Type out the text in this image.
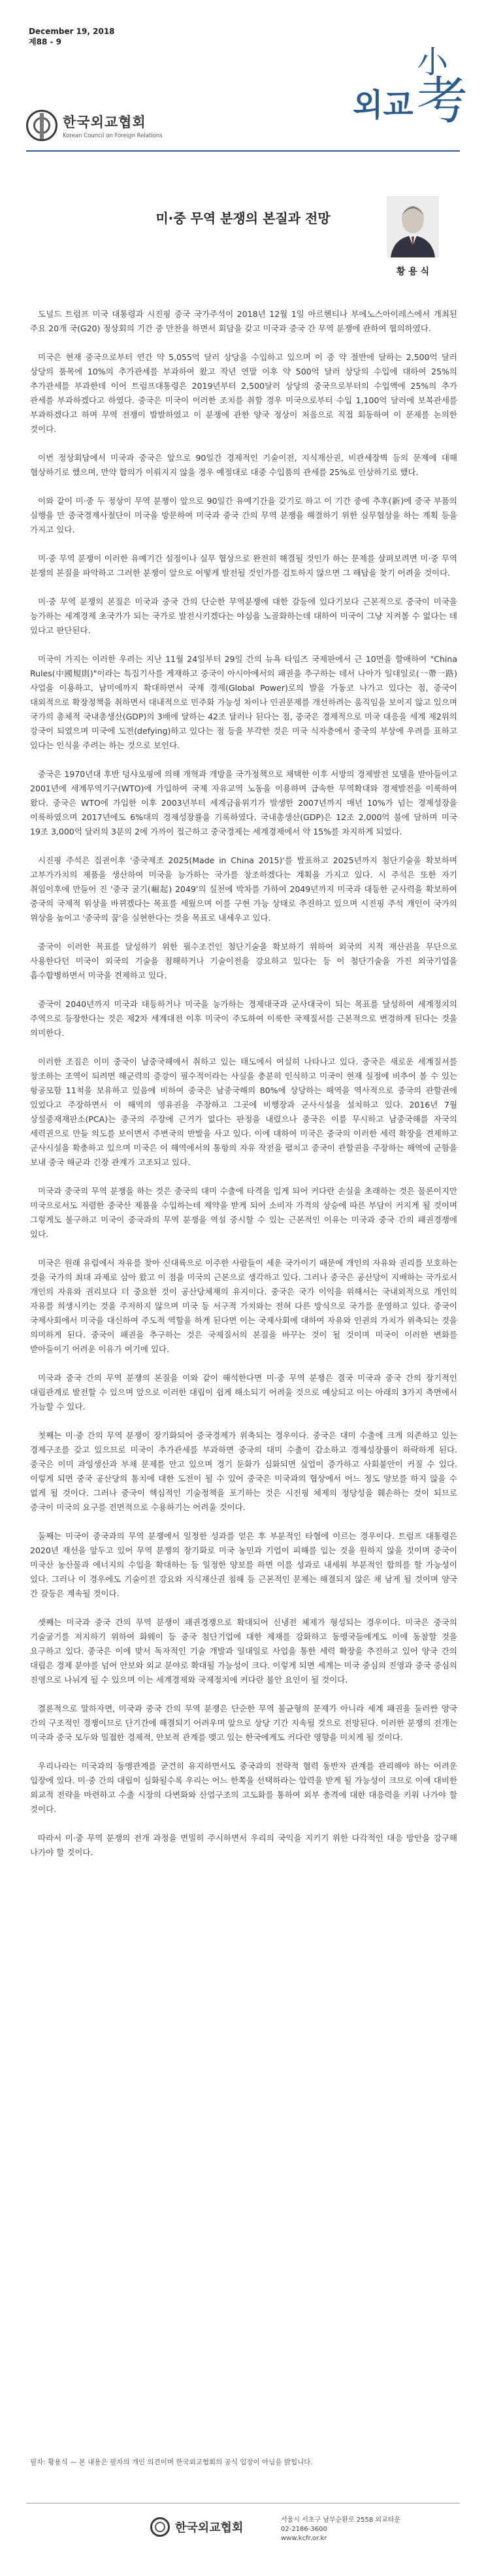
December 19, 2018
제88 - 9
한국외교협회
Korean Council on Foreign Relations
小
외교 考
미·중 무역 분쟁의 본질과 전망
황 용 식

도널드 트럼프 미국 대통령과 시진핑 중국 국가주석이 2018년 12월 1일 아르헨티나 부에노스아이레스에서 개최된 주요 20개 국(G20) 정상회의 기간 중 만찬을 하면서 회담을 갖고 미국과 중국 간 무역 분쟁에 관하여 협의하였다.

미국은 현재 중국으로부터 연간 약 5,055억 달러 상당을 수입하고 있으며 이 중 약 절반에 달하는 2,500억 달러 상당의 품목에 10%의 추가관세를 부과하여 왔고 작년 연말 이후 약 500억 달러 상당의 수입에 대하여 25%의 추가관세를 부과한데 이어 트럼프대통령은 2019년부터 2,500달러 상당의 중국으로부터의 수입액에 25%의 추가 관세를 부과하겠다고 하였다. 중국은 미국이 이러한 조치를 취할 경우 미국으로부터 수입 1,100억 달러에 보복관세를 부과하겠다고 하며 무역 전쟁이 발발하였고 이 분쟁에 관한 양국 정상이 처음으로 직접 회동하여 이 문제를 논의한 것이다.

이번 정상회담에서 미국과 중국은 앞으로 90일간 경제적인 기술이전, 지식재산권, 비관세장벽 등의 문제에 대해 협상하기로 했으며, 만약 합의가 이뤄지지 않을 경우 예정대로 대중 수입품의 관세를 25%로 인상하기로 했다.

이와 같이 미·중 두 정상이 무역 분쟁이 앞으로 90일간 유예기간을 갖기로 하고 이 기간 중에 추후(新)에 중국 부품의 실행을 만 중국경제사절단이 미국을 방문하여 미국과 중국 간의 무역 분쟁을 해결하기 위한 실무협상을 하는 계획 등을 가지고 있다.

미·중 무역 분쟁이 이러한 유예기간 설정이나 실무 협상으로 완전히 해결될 것인가 하는 문제를 살펴보려면 미·중 무역 분쟁의 본질을 파악하고 그러한 분쟁이 앞으로 어떻게 발전될 것인가를 검토하지 않으면 그 해답을 찾기 어려울 것이다.

미·중 무역 분쟁의 본질은 미국과 중국 간의 단순한 무역분쟁에 대한 갈등에 있다기보다 근본적으로 중국이 미국을 능가하는 세계경제 초국가가 되는 국가로 발전시키겠다는 야심을 노골화하는데 대하여 미국이 그냥 지켜볼 수 없다는 데 있다고 판단된다.

미국이 가지는 이러한 우려는 지난 11월 24일부터 29일 간의 뉴욕 타임즈 국제판에서 근 10면을 할애하여 "China Rules(中國規則)"이라는 특집기사를 게재하고 중국이 아시아에서의 패권을 추구하는 데서 나아가 일대일로(一帶一路)사업을 이용하고, 남미에까지 확대하면서 국제 경제(Global Power)로의 발을 가동코 나가고 있다는 점, 중국이 대외적으로 확장정책을 취하면서 대내적으로 민주화 가능성 차이나 인권문제를 개선하려는 움직임을 보이지 않고 있으며 국가의 총체적 국내총생산(GDP)의 3배에 달하는 42조 달러나 된다는 점, 중국은 경제적으로 미국 대응을 세계 제2위의 강국이 되었으며 미국에 도전(defying)하고 있다는 점 등을 부각한 것은 미국 식자층에서 중국의 부상에 우려를 표하고 있다는 인식을 주려는 하는 것으로 보인다.

중국은 1970년대 후반 덩샤오핑에 의해 개혁과 개방을 국가정책으로 채택한 이후 서방의 경제발전 모델을 받아들이고 2001년에 세계무역기구(WTO)에 가입하여 국제 자유교역 노동을 이용하며 급속한 무역확대와 경제발전을 이룩하여 왔다. 중국은 WTO에 가입한 이후 2003년부터 세계금융위기가 발생한 2007년까지 매년 10%가 넘는 경제성장을 이룩하였으며 2017년에도 6%대의 경제성장률을 기록하였다. 국내총생산(GDP)은 12조 2,000억 불에 달하며 미국 19조 3,000억 달러의 3분의 2에 가까이 접근하고 중국경제는 세계경제에서 약 15%를 차지하게 되었다.

시진핑 주석은 집권이후 '중국제조 2025(Made in China 2015)'를 발표하고 2025년까지 첨단기술을 확보하며 고부가가치의 제품을 생산하여 미국을 능가하는 국가를 창조하겠다는 계획을 가지고 있다. 시 주석은 또한 자기 취임이후에 만들어 진 '중국 굴기(崛起) 2049'의 실천에 박차를 가하여 2049년까지 미국과 대등한 군사력을 확보하여 중국의 국제적 위상을 바뀌겠다는 목표를 세웠으며 이를 구현 가능 상태로 추진하고 있으며 시진핑 주석 개인이 국가의 위상을 높이고 '중국의 꿈'을 실현한다는 것을 목표로 내세우고 있다.

중국이 이러한 목표를 달성하기 위한 필수조건인 첨단기술을 확보하기 위하여 외국의 지적 재산권을 무단으로 사용한다던 미국이 외국의 기술을 침해하거나 기술이전을 강요하고 있다는 등 이 첨단기술을 가진 외국기업을 흡수합병하면서 미국을 견제하고 있다.

중국이 2040년까지 미국과 대등하거나 미국을 능가하는 경제대국과 군사대국이 되는 목표를 달성하여 세계정치의 주역으로 등장한다는 것은 제2차 세계대전 이후 미국이 주도하여 이룩한 국제질서를 근본적으로 변경하게 된다는 것을 의미한다.

이러한 조짐은 이미 중국이 남중국해에서 취하고 있는 태도에서 여실히 나타나고 있다. 중국은 새로운 세계질서를 창조하는 조역이 되려면 해군력의 증강이 필수적이라는 사실을 충분히 인식하고 미국이 현재 실정에 비추어 볼 수 있는 항공모함 11척을 보유하고 있음에 비하여 중국은 남중국해의 80%에 상당하는 해역을 역사적으로 중국의 관할권에 있었다고 주장하면서 이 해역의 영유권을 주장하고 그곳에 비행장과 군사시설을 설치하고 있다. 2016년 7월 상설중재재판소(PCA)는 중국의 주장에 근거가 없다는 판정을 내렸으나 중국은 이를 무시하고 남중국해를 자국의 세력권으로 만들 의도를 보이면서 주변국의 반발을 사고 있다. 이에 대하여 미국은 중국의 이러한 세력 확장을 견제하고 군사시설을 확충하고 있으며 미국은 이 해역에서의 통항의 자유 작전을 펼치고 중국이 관할권을 주장하는 해역에 군함을 보내 중국 해군과 긴장 관계가 고조되고 있다.

미국과 중국의 무역 분쟁을 하는 것은 중국의 대미 수출에 타격을 입게 되어 커다란 손실을 초래하는 것은 물론이지만 미국으로서도 저렴한 중국산 제품을 수입하는데 제약을 받게 되어 소비자 가격의 상승에 따른 부담이 커지게 될 것이며 그렇게도 불구하고 미국이 중국과의 무역 분쟁을 역설 중시할 수 있는 근본적인 이유는 미국과 중국 간의 패권경쟁에 있다.

미국은 원래 유럽에서 자유를 찾아 신대륙으로 이주한 사람들이 세운 국가이기 때문에 개인의 자유와 권리를 보호하는 것을 국가의 최대 과제로 삼아 왔고 이 점을 미국의 근본으로 생각하고 있다. 그러나 중국은 공산당이 지배하는 국가로서 개인의 자유와 권리보다 더 중요한 것이 공산당체제의 유지이다. 중국은 국가 이익을 위해서는 국내외적으로 개인의 자유를 희생시키는 것을 주저하지 않으며 미국 등 서구적 가치와는 전혀 다른 방식으로 국가를 운영하고 있다. 중국이 국제사회에서 미국을 대신하여 주도적 역할을 하게 된다면 이는 국제사회에 대하여 자유와 인권의 가치가 위축되는 것을 의미하게 된다. 중국이 패권을 추구하는 것은 국제질서의 본질을 바꾸는 것이 될 것이며 미국이 이러한 변화를 받아들이기 어려운 이유가 여기에 있다.

미국과 중국 간의 무역 분쟁의 본질을 이와 같이 해석한다면 미·중 무역 분쟁은 결국 미국과 중국 간의 장기적인 대립관계로 발전할 수 있으며 앞으로 이러한 대립이 쉽게 해소되기 어려울 것으로 예상되고 이는 아래의 3가지 측면에서 가늠할 수 있다.

첫째는 미·중 간의 무역 분쟁이 장기화되어 중국경제가 위축되는 경우이다. 중국은 대미 수출에 크게 의존하고 있는 경제구조를 갖고 있으므로 미국이 추가관세를 부과하면 중국의 대미 수출이 감소하고 경제성장률이 하락하게 된다. 중국은 이미 과잉생산과 부채 문제를 안고 있으며 경기 둔화가 심화되면 실업이 증가하고 사회불안이 커질 수 있다. 이렇게 되면 중국 공산당의 통치에 대한 도전이 될 수 있어 중국은 미국과의 협상에서 어느 정도 양보를 하지 않을 수 없게 될 것이다. 그러나 중국이 핵심적인 기술정책을 포기하는 것은 시진핑 체제의 정당성을 훼손하는 것이 되므로 중국이 미국의 요구를 전면적으로 수용하기는 어려울 것이다.

둘째는 미국이 중국과의 무역 분쟁에서 일정한 성과를 얻은 후 부분적인 타협에 이르는 경우이다. 트럼프 대통령은 2020년 재선을 앞두고 있어 무역 분쟁의 장기화로 미국 농민과 기업이 피해를 입는 것을 원하지 않을 것이며 중국이 미국산 농산물과 에너지의 수입을 확대하는 등 일정한 양보를 하면 이를 성과로 내세워 부분적인 합의를 할 가능성이 있다. 그러나 이 경우에도 기술이전 강요와 지식재산권 침해 등 근본적인 문제는 해결되지 않은 채 남게 될 것이며 양국 간 갈등은 계속될 것이다.

셋째는 미국과 중국 간의 무역 분쟁이 패권경쟁으로 확대되어 신냉전 체제가 형성되는 경우이다. 미국은 중국의 기술굴기를 저지하기 위하여 화웨이 등 중국 첨단기업에 대한 제재를 강화하고 동맹국들에게도 이에 동참할 것을 요구하고 있다. 중국은 이에 맞서 독자적인 기술 개발과 일대일로 사업을 통한 세력 확장을 추진하고 있어 양국 간의 대립은 경제 분야를 넘어 안보와 외교 분야로 확대될 가능성이 크다. 이렇게 되면 세계는 미국 중심의 진영과 중국 중심의 진영으로 나뉘게 될 수 있으며 이는 세계경제와 국제정치에 커다란 불안 요인이 될 것이다.

결론적으로 말하자면, 미국과 중국 간의 무역 분쟁은 단순한 무역 불균형의 문제가 아니라 세계 패권을 둘러싼 양국 간의 구조적인 경쟁이므로 단기간에 해결되기 어려우며 앞으로 상당 기간 지속될 것으로 전망된다. 이러한 분쟁의 전개는 미국과 중국 모두와 밀접한 경제적, 안보적 관계를 맺고 있는 한국에게도 커다란 영향을 미치게 될 것이다.

우리나라는 미국과의 동맹관계를 굳건히 유지하면서도 중국과의 전략적 협력 동반자 관계를 관리해야 하는 어려운 입장에 있다. 미·중 간의 대립이 심화될수록 우리는 어느 한쪽을 선택하라는 압력을 받게 될 가능성이 크므로 이에 대비한 외교적 전략을 마련하고 수출 시장의 다변화와 산업구조의 고도화를 통하여 외부 충격에 대한 대응력을 키워 나가야 할 것이다.

따라서 미·중 무역 분쟁의 전개 과정을 면밀히 주시하면서 우리의 국익을 지키기 위한 다각적인 대응 방안을 강구해 나가야 할 것이다.

필자: 황용식 — 본 내용은 필자의 개인 의견이며 한국외교협회의 공식 입장이 아님을 밝힙니다.
한국외교협회
서울시 서초구 남부순환로 2558 외교타운
02-2186-3600
www.kcfr.or.kr
